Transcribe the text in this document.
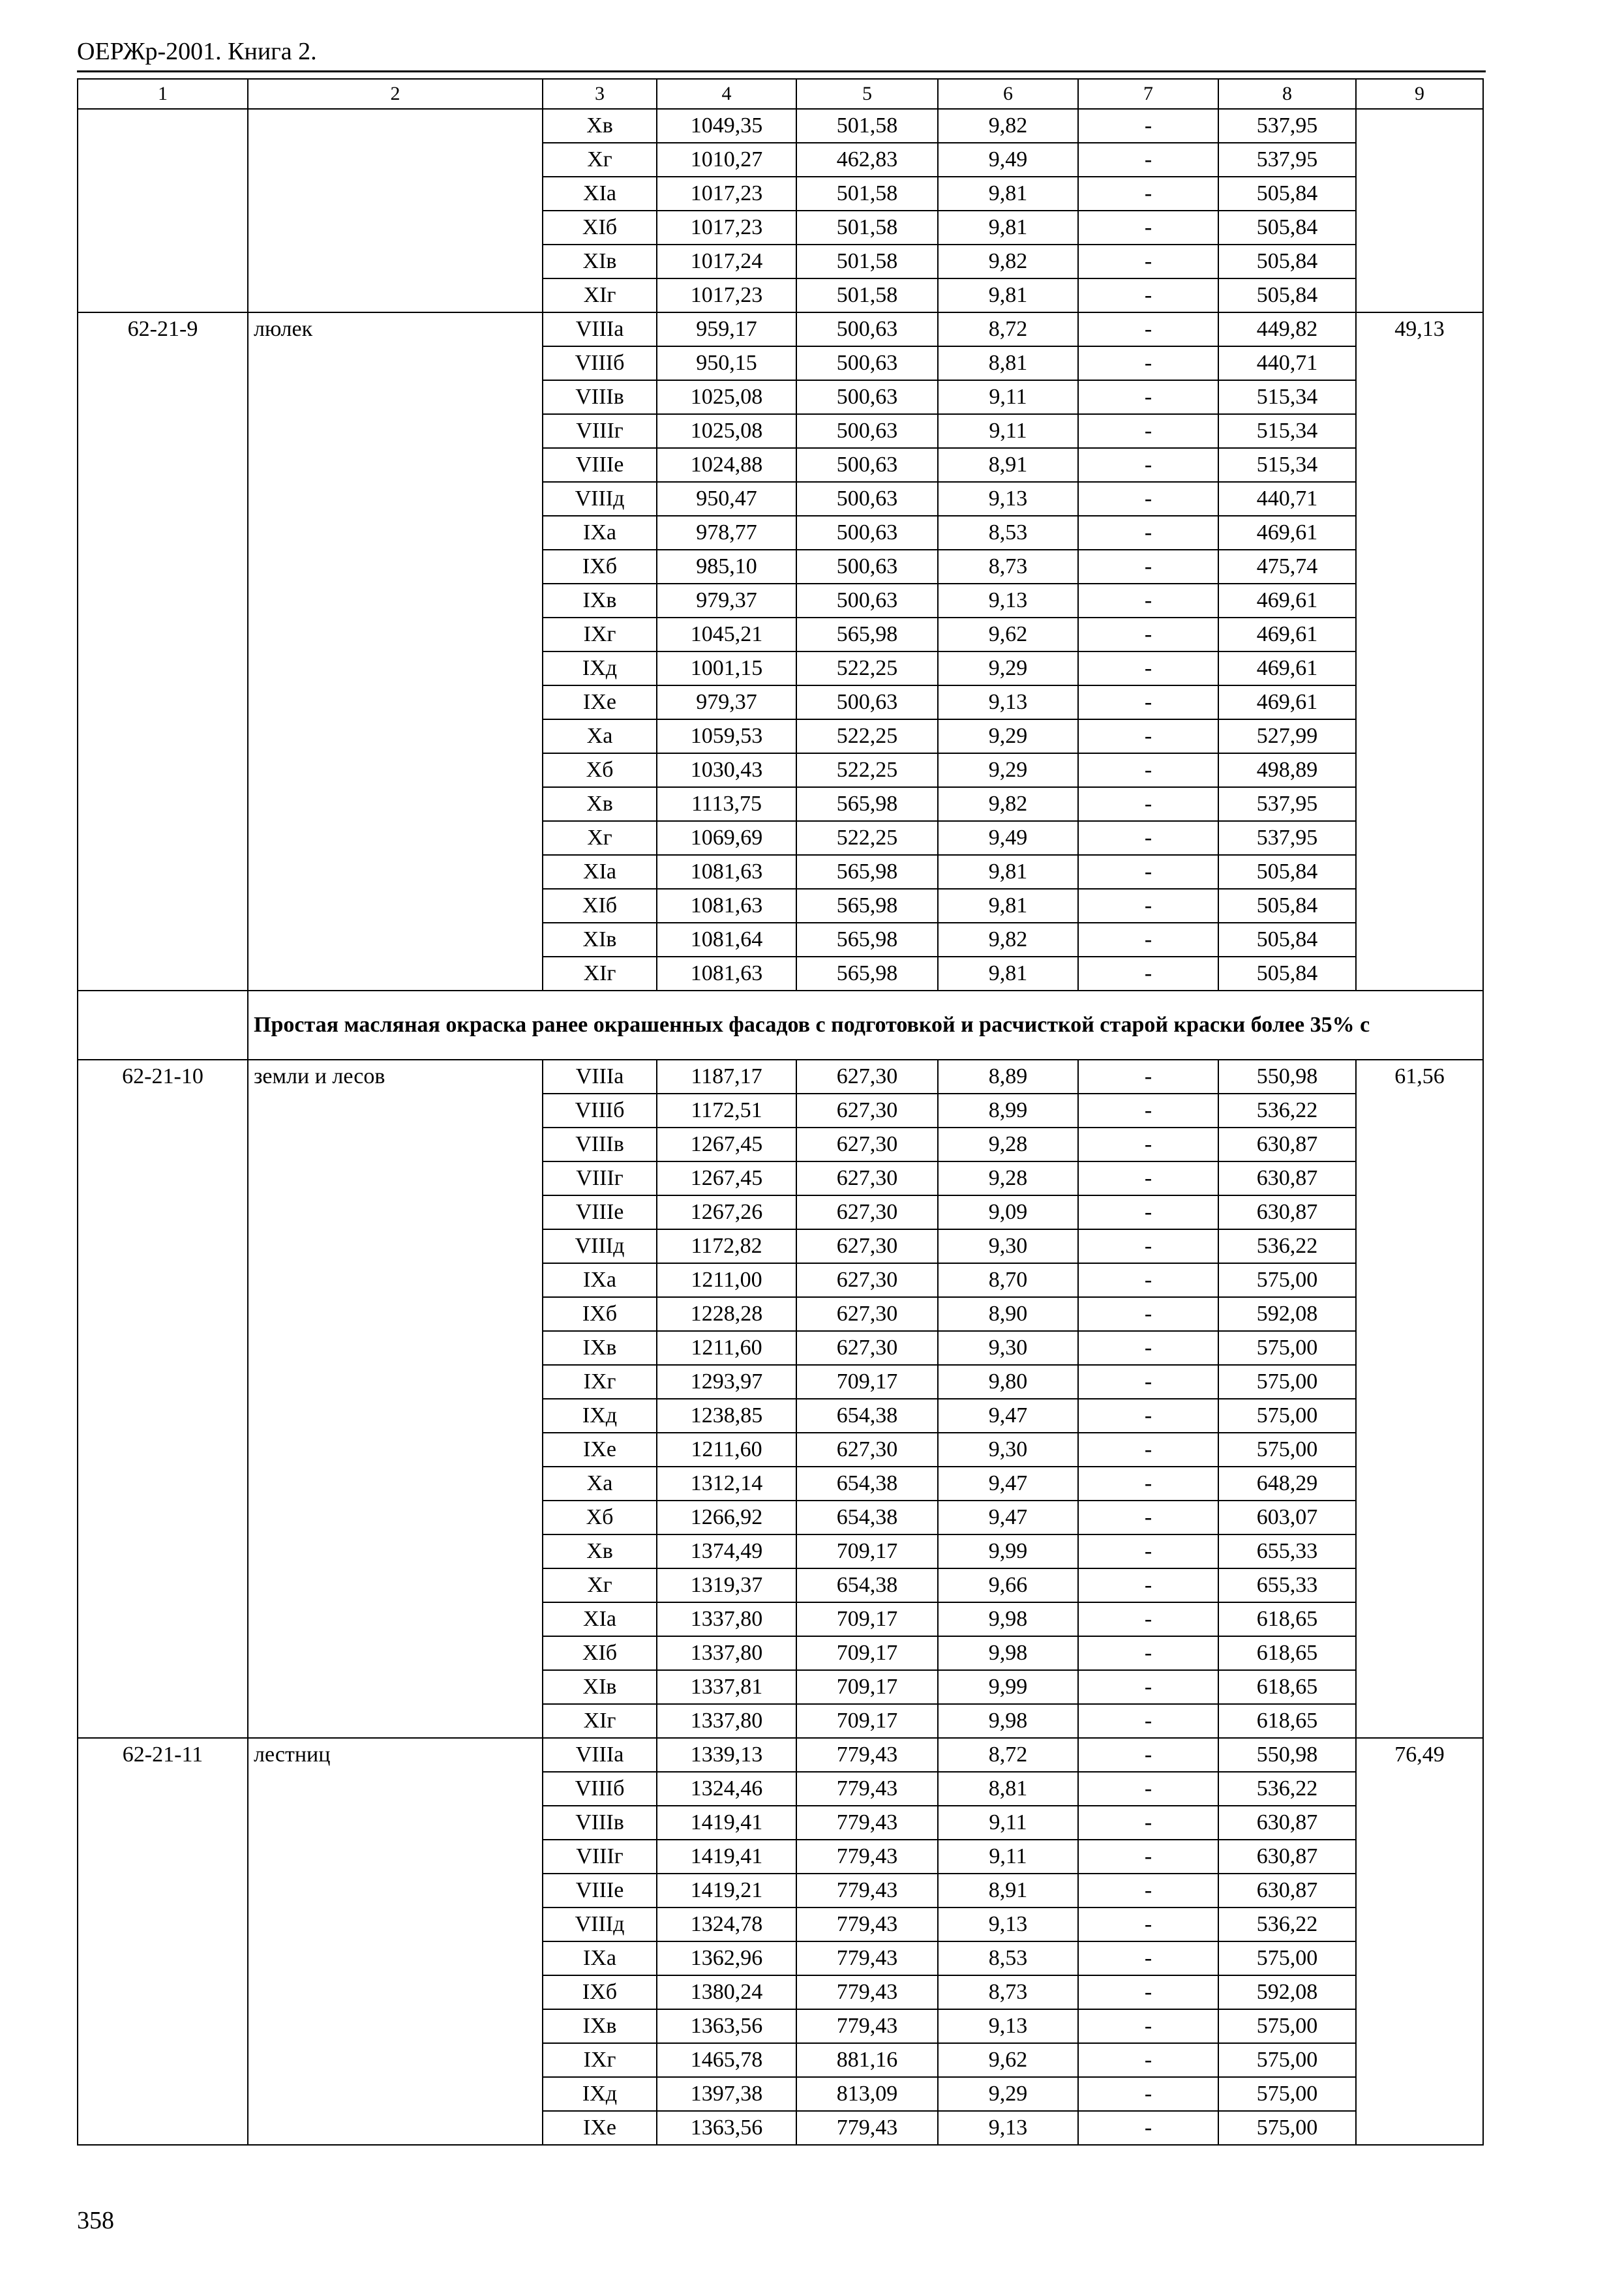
ОЕРЖр-2001. Книга 2.
1	2	3	4	5	6	7	8	9
		Xв	1049,35	501,58	9,82	-	537,95	
		Xг	1010,27	462,83	9,49	-	537,95	
		XIа	1017,23	501,58	9,81	-	505,84	
		XIб	1017,23	501,58	9,81	-	505,84	
		XIв	1017,24	501,58	9,82	-	505,84	
		XIг	1017,23	501,58	9,81	-	505,84	
62-21-9	люлек	VIIIа	959,17	500,63	8,72	-	449,82	49,13
		VIIIб	950,15	500,63	8,81	-	440,71	
		VIIIв	1025,08	500,63	9,11	-	515,34	
		VIIIг	1025,08	500,63	9,11	-	515,34	
		VIIIе	1024,88	500,63	8,91	-	515,34	
		VIIIд	950,47	500,63	9,13	-	440,71	
		IXа	978,77	500,63	8,53	-	469,61	
		IXб	985,10	500,63	8,73	-	475,74	
		IXв	979,37	500,63	9,13	-	469,61	
		IXг	1045,21	565,98	9,62	-	469,61	
		IXд	1001,15	522,25	9,29	-	469,61	
		IXе	979,37	500,63	9,13	-	469,61	
		Xа	1059,53	522,25	9,29	-	527,99	
		Xб	1030,43	522,25	9,29	-	498,89	
		Xв	1113,75	565,98	9,82	-	537,95	
		Xг	1069,69	522,25	9,49	-	537,95	
		XIа	1081,63	565,98	9,81	-	505,84	
		XIб	1081,63	565,98	9,81	-	505,84	
		XIв	1081,64	565,98	9,82	-	505,84	
		XIг	1081,63	565,98	9,81	-	505,84	
	Простая масляная окраска ранее окрашенных фасадов с подготовкой и расчисткой старой краски более 35% с							
62-21-10	земли и лесов	VIIIа	1187,17	627,30	8,89	-	550,98	61,56
		VIIIб	1172,51	627,30	8,99	-	536,22	
		VIIIв	1267,45	627,30	9,28	-	630,87	
		VIIIг	1267,45	627,30	9,28	-	630,87	
		VIIIе	1267,26	627,30	9,09	-	630,87	
		VIIIд	1172,82	627,30	9,30	-	536,22	
		IXа	1211,00	627,30	8,70	-	575,00	
		IXб	1228,28	627,30	8,90	-	592,08	
		IXв	1211,60	627,30	9,30	-	575,00	
		IXг	1293,97	709,17	9,80	-	575,00	
		IXд	1238,85	654,38	9,47	-	575,00	
		IXе	1211,60	627,30	9,30	-	575,00	
		Xа	1312,14	654,38	9,47	-	648,29	
		Xб	1266,92	654,38	9,47	-	603,07	
		Xв	1374,49	709,17	9,99	-	655,33	
		Xг	1319,37	654,38	9,66	-	655,33	
		XIа	1337,80	709,17	9,98	-	618,65	
		XIб	1337,80	709,17	9,98	-	618,65	
		XIв	1337,81	709,17	9,99	-	618,65	
		XIг	1337,80	709,17	9,98	-	618,65	
62-21-11	лестниц	VIIIа	1339,13	779,43	8,72	-	550,98	76,49
		VIIIб	1324,46	779,43	8,81	-	536,22	
		VIIIв	1419,41	779,43	9,11	-	630,87	
		VIIIг	1419,41	779,43	9,11	-	630,87	
		VIIIе	1419,21	779,43	8,91	-	630,87	
		VIIIд	1324,78	779,43	9,13	-	536,22	
		IXа	1362,96	779,43	8,53	-	575,00	
		IXб	1380,24	779,43	8,73	-	592,08	
		IXв	1363,56	779,43	9,13	-	575,00	
		IXг	1465,78	881,16	9,62	-	575,00	
		IXд	1397,38	813,09	9,29	-	575,00	
		IXе	1363,56	779,43	9,13	-	575,00	
358
